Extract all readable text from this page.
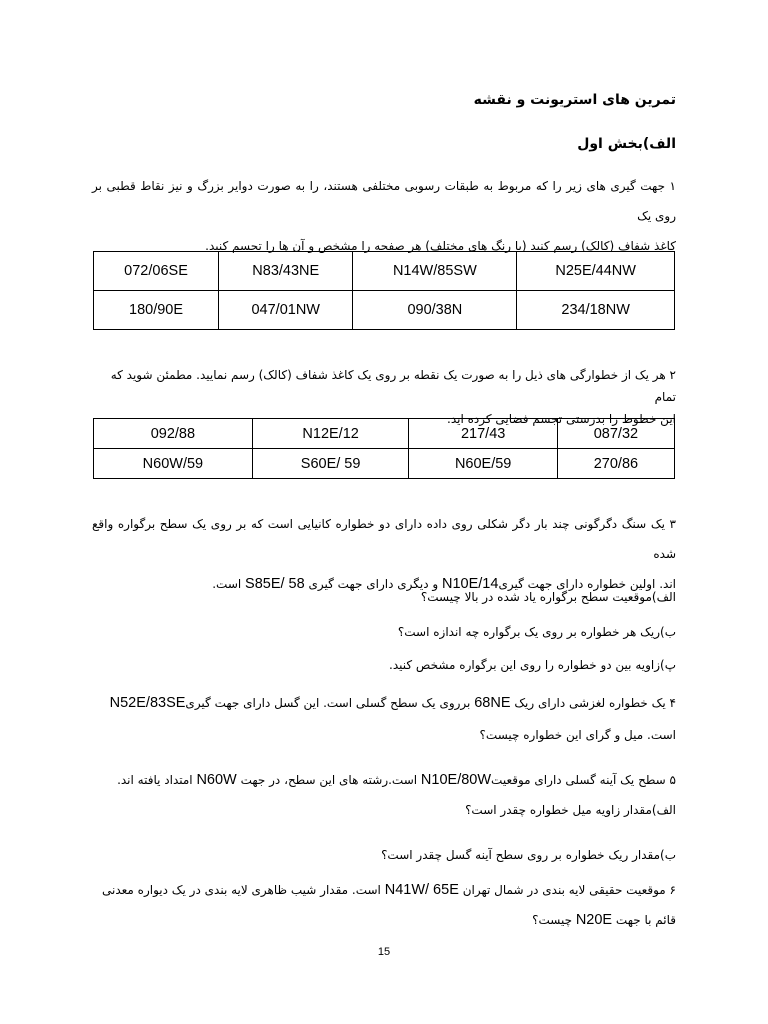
تمرین های استریونت و نقشه
الف)بخش اول
۱ جهت گیری های زیر را که مربوط به طبقات رسوبی مختلفی هستند، را به صورت دوایر بزرگ و نیز نقاط قطبی بر روی یک
کاغذ شفاف (کالک) رسم کنید (با رنگ های مختلف) هر صفحه را مشخص و آن ها را تجسم کنید.
N25E/44NW	N14W/85SW	N83/43NE	072/06SE
234/18NW	090/38N	047/01NW	180/90E
۲ هر یک از خطوارگی های ذیل را به صورت یک نقطه بر روی یک کاغذ شفاف (کالک) رسم نمایید. مطمئن شوید که تمام
این خطوط را بدرستی تجسم فضایی کرده اید.
087/32	217/43	N12E/12	092/88
270/86	N60E/59	S60E/ 59	N60W/59
۳ یک سنگ دگرگونی چند بار دگر شکلی روی داده دارای دو خطواره کانیایی است که بر روی یک سطح برگواره واقع شده
اند. اولین خطواره دارای جهت گیریN10E/14 و دیگری دارای جهت گیری S85E/ 58 است.
الف)موقعیت سطح برگواره یاد شده در بالا چیست؟
ب)ریک هر خطواره بر روی یک برگواره چه اندازه است؟
پ)زاویه بین دو خطواره را روی این برگواره مشخص کنید.
۴ یک خطواره لغزشی دارای ریک 68NE برروی یک سطح گسلی است. این گسل دارای جهت گیریN52E/83SE
است. میل و گرای این خطواره چیست؟
۵ سطح یک آینه گسلی دارای موقعیتN10E/80W است.رشته های این سطح، در جهت N60W امتداد یافته اند.
الف)مقدار زاویه میل خطواره چقدر است؟
ب)مقدار ریک خطواره بر روی سطح آینه گسل چقدر است؟
۶ موقعیت حقیقی لایه بندی در شمال تهران N41W/ 65E است. مقدار شیب ظاهری لایه بندی در یک دیواره معدنی
قائم با جهت N20E چیست؟
15
